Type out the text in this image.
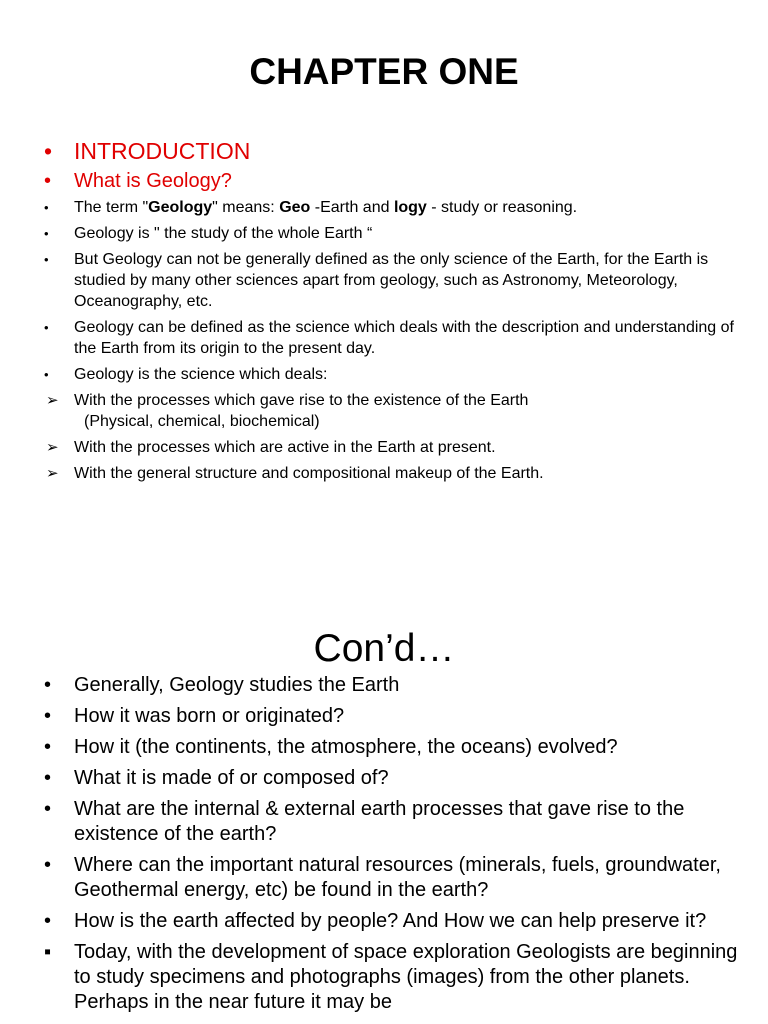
CHAPTER ONE
• INTRODUCTION
• What is Geology?
• The term "Geology" means: Geo -Earth and logy - study or reasoning.
• Geology is " the study of the whole Earth “
• But Geology can not be generally defined as the only science of the Earth, for the Earth is studied by many other sciences apart from geology, such as Astronomy, Meteorology, Oceanography, etc.
• Geology can be defined as the science which deals with the description and understanding of the Earth from its origin to the present day.
• Geology is the science which deals:
➢ With the processes which gave rise to the existence of the Earth
(Physical, chemical, biochemical)
➢ With the processes which are active in the Earth at present.
➢ With the general structure and compositional makeup of the Earth.
Con’d…
• Generally, Geology studies the Earth
• How it was born or originated?
• How it (the continents, the atmosphere, the oceans) evolved?
• What it is made of or composed of?
• What are the internal & external earth processes that gave rise to the existence of the earth?
• Where can the important natural resources (minerals, fuels, groundwater, Geothermal energy, etc) be found in the earth?
• How is the earth affected by people? And How we can help preserve it?
▪ Today, with the development of space exploration Geologists are beginning to study specimens and photographs (images) from the other planets. Perhaps in the near future it may be
